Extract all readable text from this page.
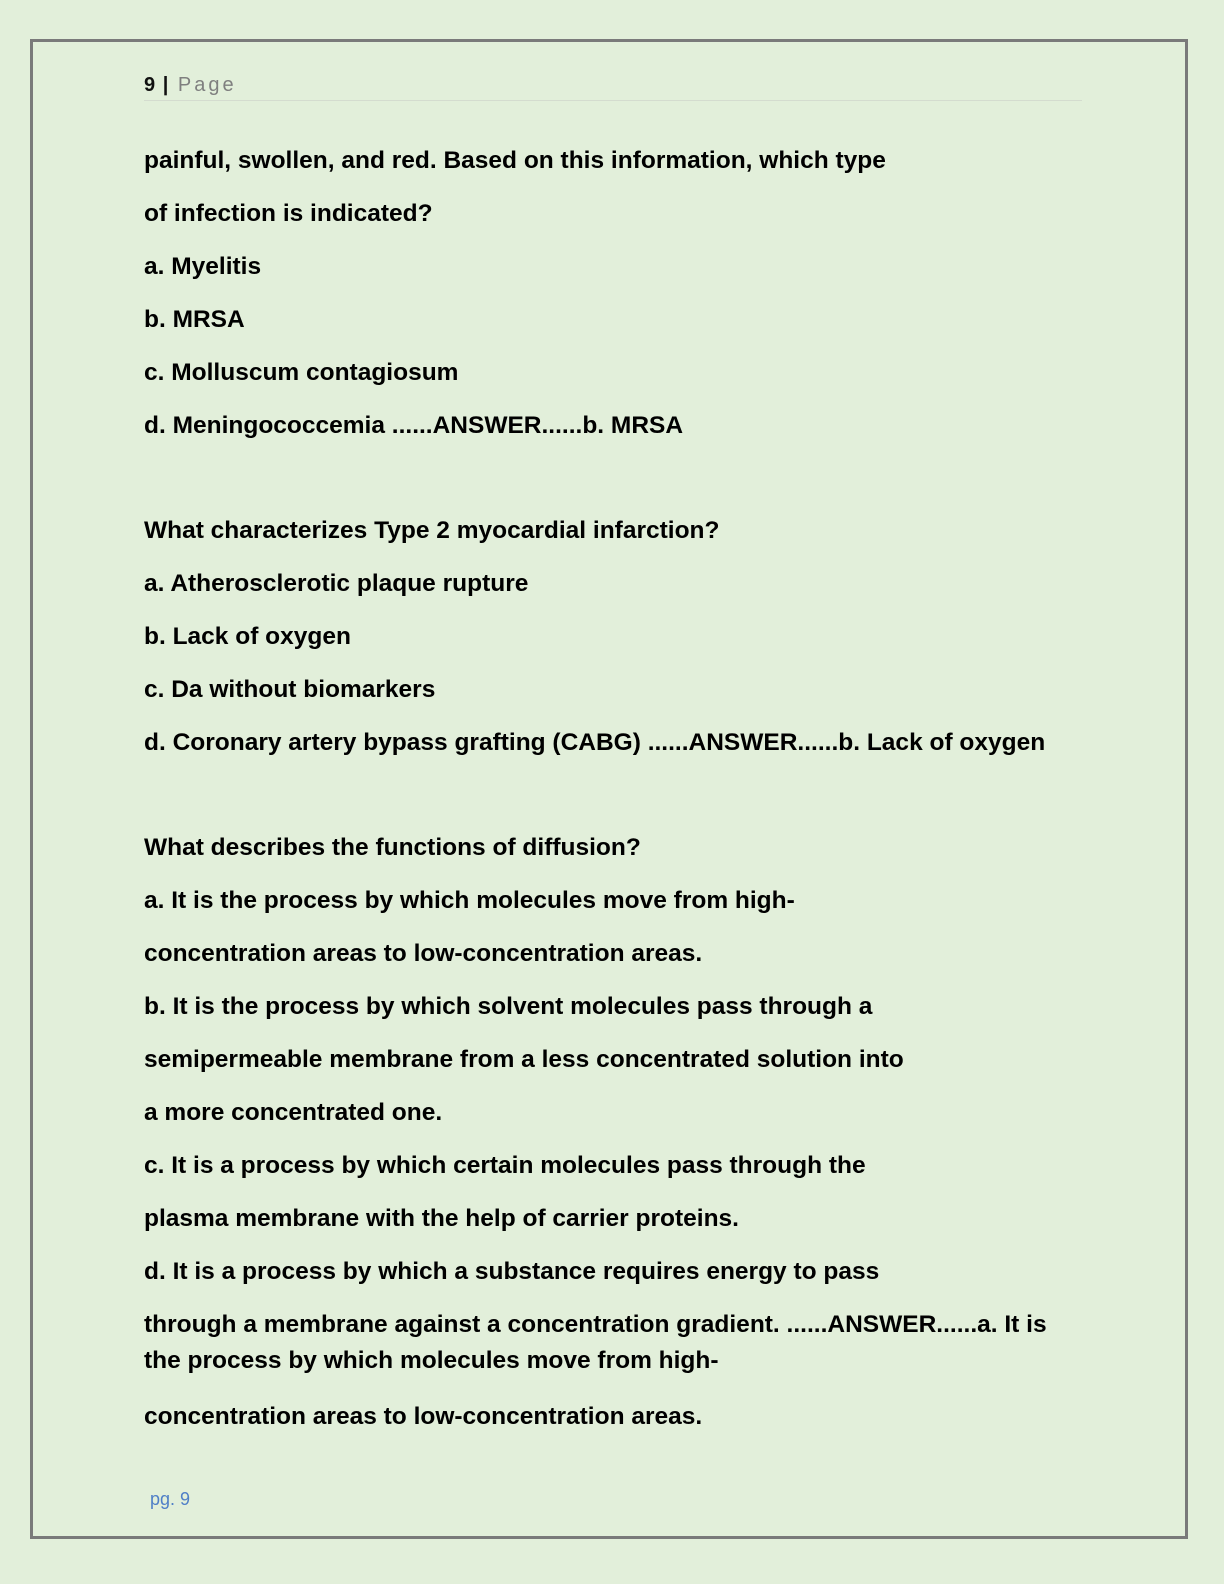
9 | Page
painful, swollen, and red. Based on this information, which type
of infection is indicated?
a. Myelitis
b. MRSA
c. Molluscum contagiosum
d. Meningococcemia ......ANSWER......b. MRSA
What characterizes Type 2 myocardial infarction?
a. Atherosclerotic plaque rupture
b. Lack of oxygen
c. Da without biomarkers
d. Coronary artery bypass grafting (CABG) ......ANSWER......b. Lack of oxygen
What describes the functions of diffusion?
a. It is the process by which molecules move from high-
concentration areas to low-concentration areas.
b. It is the process by which solvent molecules pass through a
semipermeable membrane from a less concentrated solution into
a more concentrated one.
c. It is a process by which certain molecules pass through the
plasma membrane with the help of carrier proteins.
d. It is a process by which a substance requires energy to pass
through a membrane against a concentration gradient. ......ANSWER......a. It is the process by which molecules move from high-
concentration areas to low-concentration areas.
pg. 9
